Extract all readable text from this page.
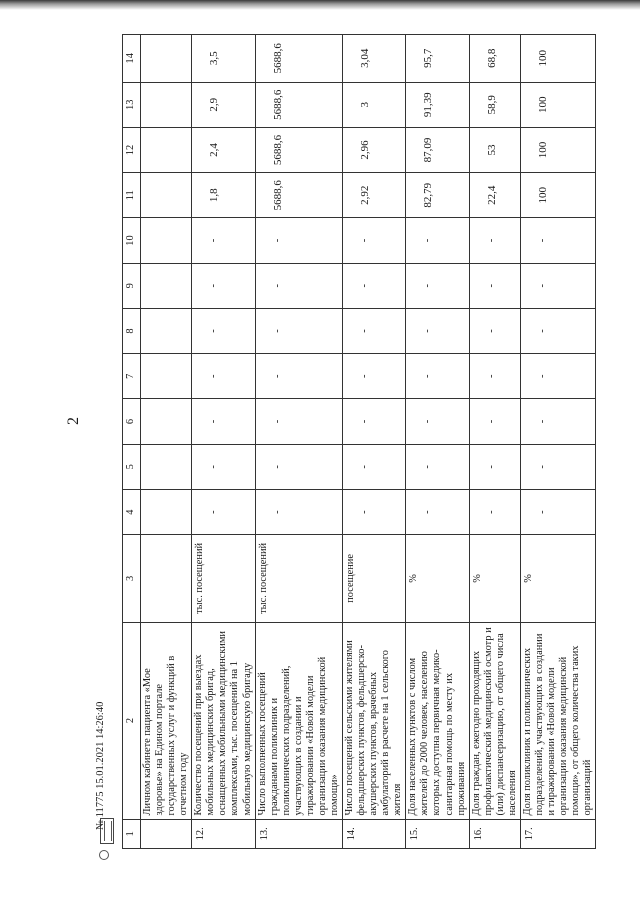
2
1	2	3	4	5	6	7	8	9	10	11	12	13	14
	Личном кабинете пациента «Мое здоровье» на Едином портале государственных услуг и функций в отчетном году												
12.	Количество посещений при выездах мобильных медицинских бригад, оснащенных мобильными медицинскими комплексами, тыс. посещений на 1 мобильную медицинскую бригаду	тыс. посещений	-	-	-	-	-	-	-	1,8	2,4	2,9	3,5
13.	Число выполненных посещений гражданами поликлиник и поликлинических подразделений, участвующих в создании и тиражировании «Новой модели организации оказания медицинской помощи»	тыс. посещений	-	-	-	-	-	-	-	5688,6	5688,6	5688,6	5688,6
14.	Число посещений сельскими жителями фельдшерских пунктов, фельдшерско-акушерских пунктов, врачебных амбулаторий в расчете на 1 сельского жителя	посещение	-	-	-	-	-	-	-	2,92	2,96	3	3,04
15.	Доля населенных пунктов с числом жителей до 2000 человек, населению которых доступна первичная медико-санитарная помощь по месту их проживания	%	-	-	-	-	-	-	-	82,79	87,09	91,39	95,7
16.	Доля граждан, ежегодно проходящих профилактический медицинский осмотр и (или) диспансеризацию, от общего числа населения	%	-	-	-	-	-	-	-	22,4	53	58,9	68,8
17.	Доля поликлиник и поликлинических подразделений, участвующих в создании и тиражировании «Новой модели организации оказания медицинской помощи», от общего количества таких организаций	%	-	-	-	-	-	-	-	100	100	100	100
№ 11775 15.01.2021 14:26:40
